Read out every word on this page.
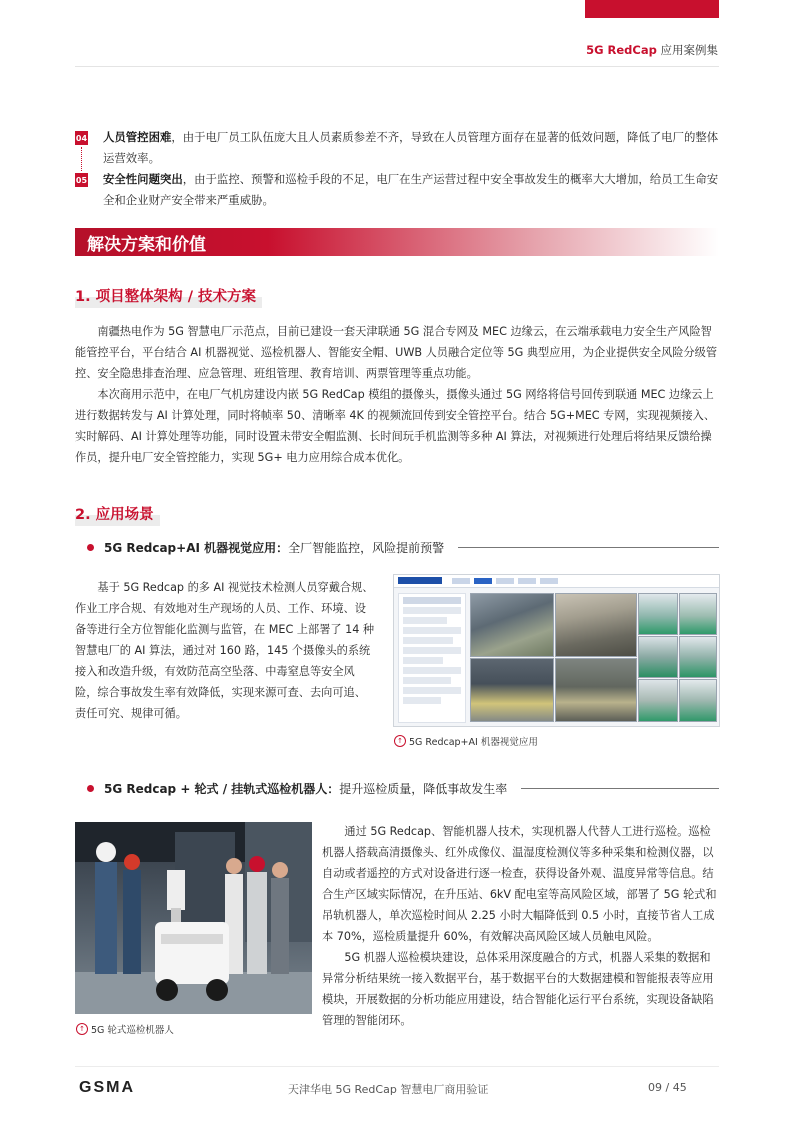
5G RedCap 应用案例集
04
05
人员管控困难，由于电厂员工队伍庞大且人员素质参差不齐，导致在人员管理方面存在显著的低效问题，降低了电厂的整体运营效率。
安全性问题突出，由于监控、预警和巡检手段的不足，电厂在生产运营过程中安全事故发生的概率大大增加，给员工生命安全和企业财产安全带来严重威胁。
解决方案和价值
1. 项目整体架构 / 技术方案

南疆热电作为 5G 智慧电厂示范点，目前已建设一套天津联通 5G 混合专网及 MEC 边缘云，在云端承载电力安全生产风险智能管控平台，平台结合 AI 机器视觉、巡检机器人、智能安全帽、UWB 人员融合定位等 5G 典型应用，为企业提供安全风险分级管控、安全隐患排查治理、应急管理、班组管理、教育培训、两票管理等重点功能。

本次商用示范中，在电厂气机房建设内嵌 5G RedCap 模组的摄像头，摄像头通过 5G 网络将信号回传到联通 MEC 边缘云上进行数据转发与 AI 计算处理，同时将帧率 50、清晰率 4K 的视频流回传到安全管控平台。结合 5G+MEC 专网，实现视频接入、实时解码、AI 计算处理等功能，同时设置未带安全帽监测、长时间玩手机监测等多种 AI 算法，对视频进行处理后将结果反馈给操作员，提升电厂安全管控能力，实现 5G+ 电力应用综合成本优化。

2. 应用场景
5G Redcap+AI 机器视觉应用：全厂智能监控，风险提前预警

基于 5G Redcap 的多 AI 视觉技术检测人员穿戴合规、作业工序合规、有效地对生产现场的人员、工作、环境、设备等进行全方位智能化监测与监管，在 MEC 上部署了 14 种智慧电厂的 AI 算法，通过对 160 路，145 个摄像头的系统接入和改造升级，有效防范高空坠落、中毒窒息等安全风险，综合事故发生率有效降低，实现来源可查、去向可追、责任可究、规律可循。

↑ 5G Redcap+AI 机器视觉应用
5G Redcap + 轮式 / 挂轨式巡检机器人：提升巡检质量，降低事故发生率

通过 5G Redcap、智能机器人技术，实现机器人代替人工进行巡检。巡检机器人搭载高清摄像头、红外成像仪、温湿度检测仪等多种采集和检测仪器，以自动或者遥控的方式对设备进行逐一检查，获得设备外观、温度异常等信息。结合生产区域实际情况，在升压站、6kV 配电室等高风险区域，部署了 5G 轮式和吊轨机器人，单次巡检时间从 2.25 小时大幅降低到 0.5 小时，直接节省人工成本 70%，巡检质量提升 60%，有效解决高风险区域人员触电风险。

5G 机器人巡检模块建设，总体采用深度融合的方式，机器人采集的数据和异常分析结果统一接入数据平台，基于数据平台的大数据建模和智能报表等应用模块，开展数据的分析功能应用建设，结合智能化运行平台系统，实现设备缺陷管理的智能闭环。

↑ 5G 轮式巡检机器人
GSMA	天津华电 5G RedCap 智慧电厂商用验证	09 / 45
